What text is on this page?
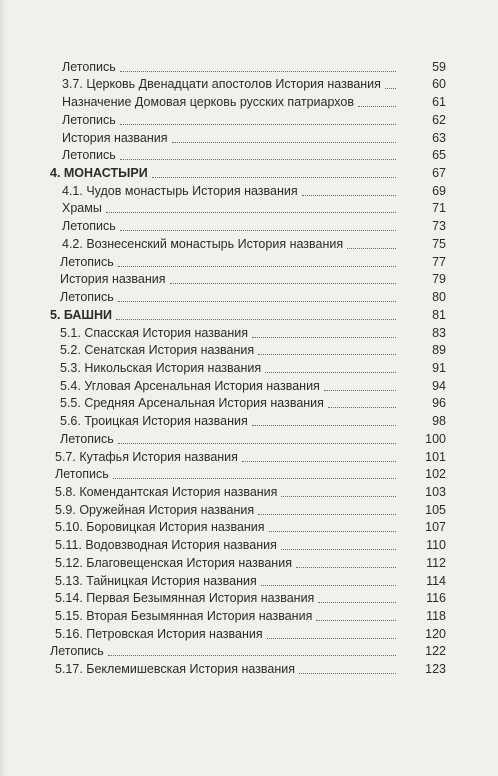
Летопись	59
3.7. Церковь Двенадцати апостолов История названия	60
Назначение Домовая церковь русских патриархов	61
Летопись	62
История названия	63
Летопись	65
4. МОНАСТЫРИ	67
4.1. Чудов монастырь История названия	69
Храмы	71
Летопись	73
4.2. Вознесенский монастырь История названия	75
Летопись	77
История названия	79
Летопись	80
5. БАШНИ	81
5.1. Спасская История названия	83
5.2. Сенатская История названия	89
5.3. Никольская История названия	91
5.4. Угловая Арсенальная История названия	94
5.5. Средняя Арсенальная История названия	96
5.6. Троицкая История названия	98
Летопись	100
5.7. Кутафья История названия	101
Летопись	102
5.8. Комендантская История названия	103
5.9. Оружейная История названия	105
5.10. Боровицкая История названия	107
5.11. Водовзводная История названия	110
5.12. Благовещенская История названия	112
5.13. Тайницкая История названия	114
5.14. Первая Безымянная История названия	116
5.15. Вторая Безымянная История названия	118
5.16. Петровская История названия	120
Летопись	122
5.17. Беклемишевская История названия	123
